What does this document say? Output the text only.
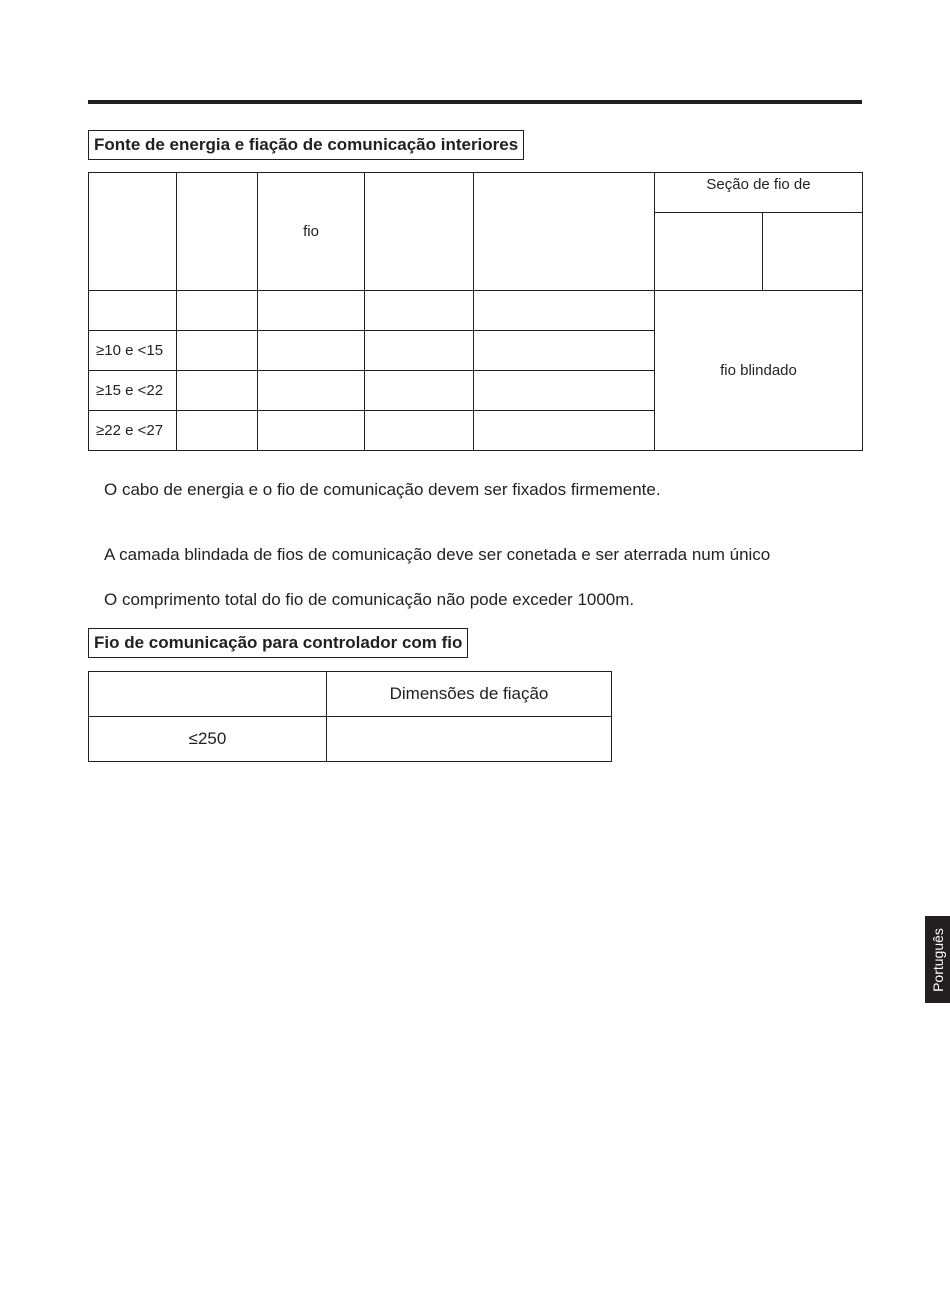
Fonte de energia e fiação de comunicação interiores
		fio			Seção de fio de	

					fio blindado	
≥10 e <15						
≥15 e <22						
≥22 e <27						
O cabo de energia e o fio de comunicação devem ser fixados firmemente.
A camada blindada de fios de comunicação deve ser conetada e ser aterrada num único
O comprimento total do fio de comunicação não pode exceder 1000m.
Fio de comunicação para controlador com fio
	Dimensões de fiação
≤250	
Português
